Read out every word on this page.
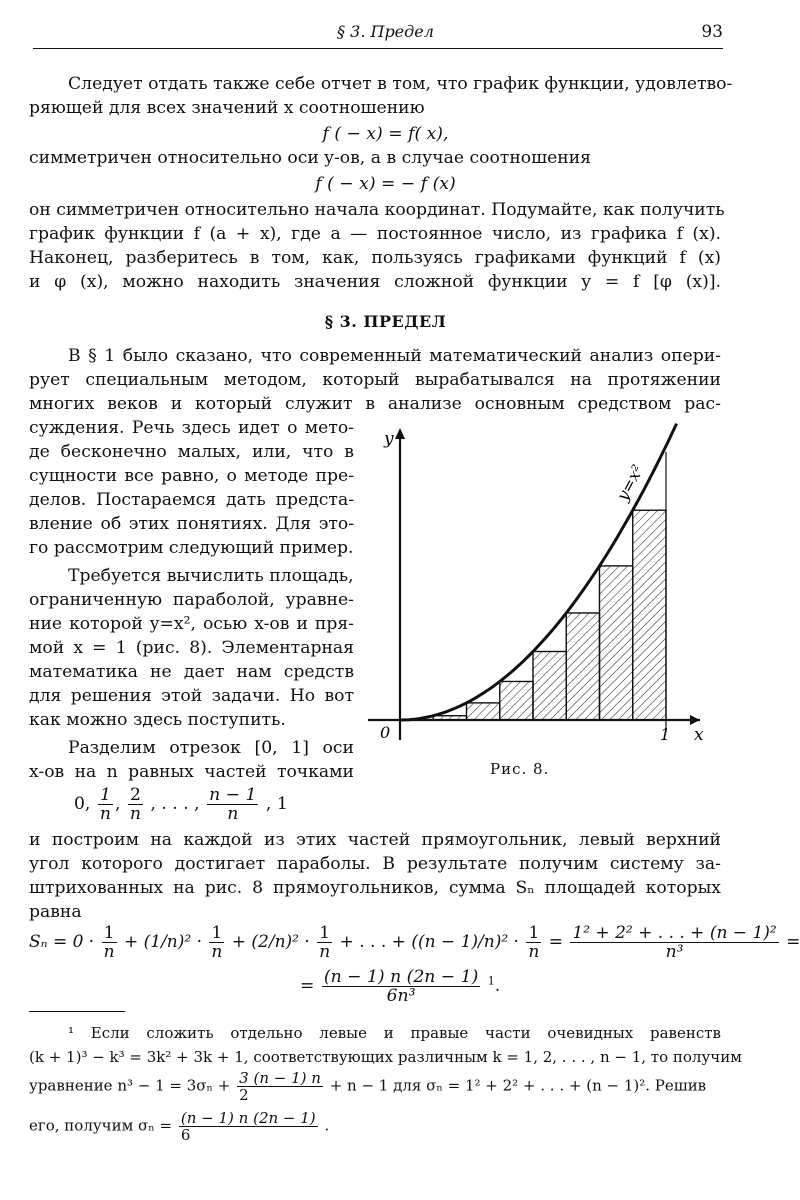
§ 3. Предел	93
Следует отдать также себе отчет в том, что график функции, удовлетво-
ряющей для всех значений x соотношению
f ( − x) = f( x),
симметричен относительно оси y-ов, а в случае соотношения
f ( − x) = − f (x)
он симметричен относительно начала координат. Подумайте, как получить
график функции f (a + x), где a — постоянное число, из графика f (x).
Наконец, разберитесь в том, как, пользуясь графиками функций f (x)
и φ (x), можно находить значения сложной функции y = f [φ (x)].
§ 3. ПРЕДЕЛ
В § 1 было сказано, что современный математический анализ опери-
рует специальным методом, который вырабатывался на протяжении
многих веков и который служит в анализе основным средством рас-
суждения. Речь здесь идет о мето-
де бесконечно малых, или, что в
сущности все равно, о методе пре-
делов. Постараемся дать предста-
вление об этих понятиях. Для это-
го рассмотрим следующий пример.
Требуется вычислить площадь,
ограниченную параболой, уравне-
ние которой y=x², осью x-ов и пря-
мой x = 1 (рис. 8). Элементарная
математика не дает нам средств
для решения этой задачи. Но вот
как можно здесь поступить.
Разделим отрезок [0, 1] оси
x-ов на n равных частей точками
0, $\frac{1}{n}$ , $\frac{2}{n}$ , . . . , $\frac{n - 1}{n}$ , 1
и построим на каждой из этих частей прямоугольник, левый верхний
угол которого достигает параболы. В результате получим систему за-
штрихованных на рис. 8 прямоугольников, сумма Sₙ площадей которых
равна
$S_n = 0 \cdot \frac{1}{n} + (1/n)^2 \cdot \frac{1}{n} + (2/n)^2 \cdot \frac{1}{n}$ + . . . + $((n - 1)/n)^2 \cdot \frac{1}{n} = \frac{\text{1² + 2² + . . . + (n − 1)²}}{\text{n³}}$ =
= $\frac{(n - 1) n (2n - 1)}{\text{6n³}} ^1$.
y
x
0	1
y=x²
Рис. 8.
¹ Если сложить отдельно левые и правые части очевидных равенств
(k + 1)³ − k³ = 3k² + 3k + 1, соответствующих различным k = 1, 2, . . . , n − 1, то получим
уравнение $n^3 - 1 = 3\sigma_n + \frac{3 (n - 1) n}{2} + n - 1$ для σₙ = 1² + 2² + . . . + (n − 1)². Решив
его, получим $\sigma_n = \frac{(n - 1) n (2n - 1)}{6}$ .
